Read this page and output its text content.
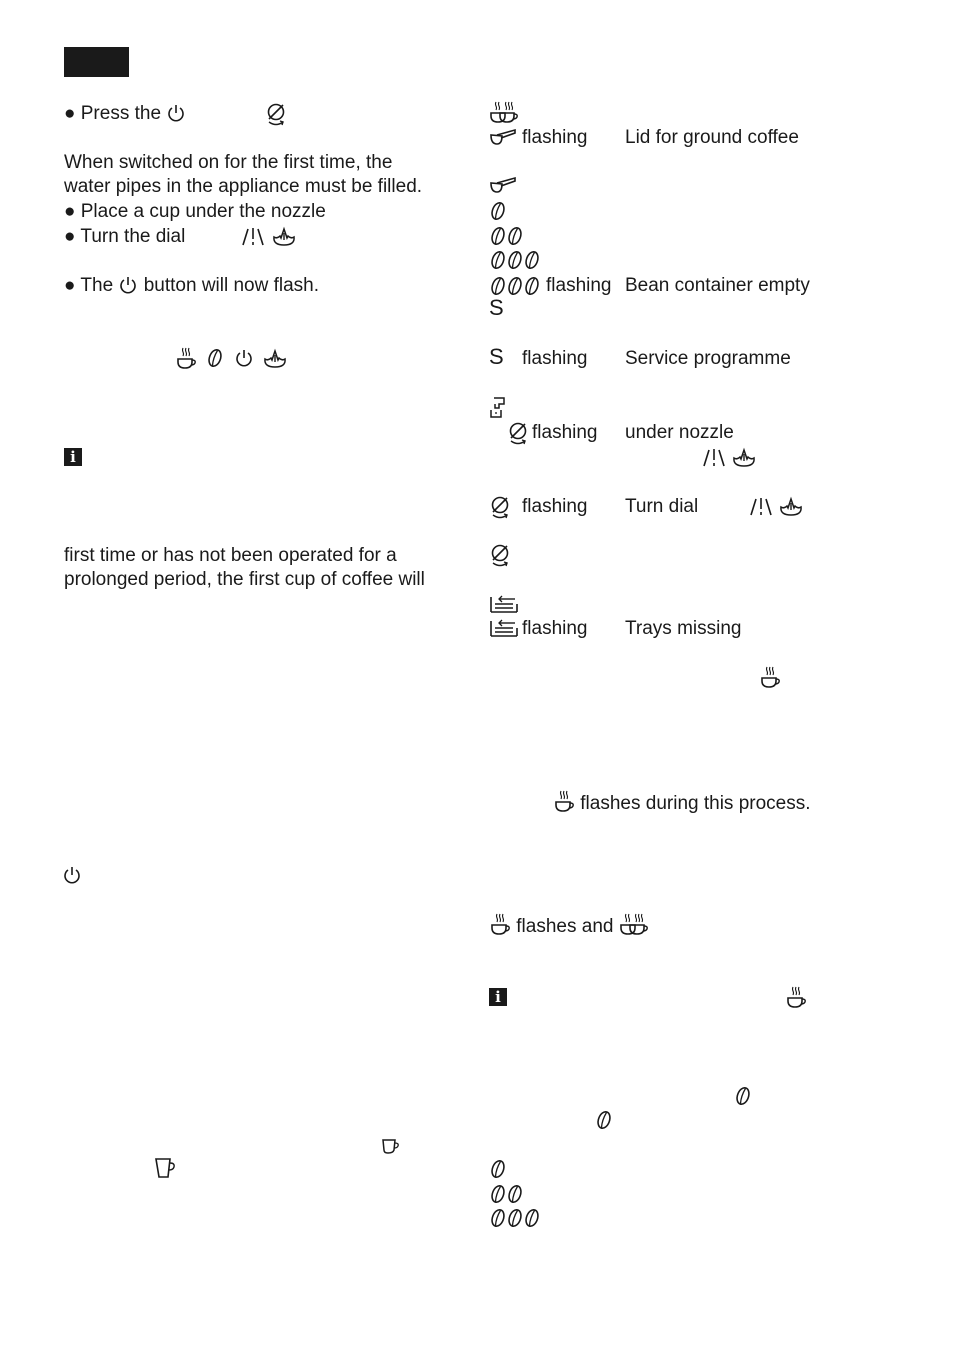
● Press the
When switched on for the first time, the
water pipes in the appliance must be filled.
● Place a cup under the nozzle
● Turn the dial
● The button will now flash.
i
first time or has not been operated for a
prolonged period, the first cup of coffee will
flashing Lid for ground coffee
flashing Bean container empty
S
S flashing Service programme
flashing under nozzle
flashing Turn dial
flashing Trays missing
flashes during this process.
flashes and
i
